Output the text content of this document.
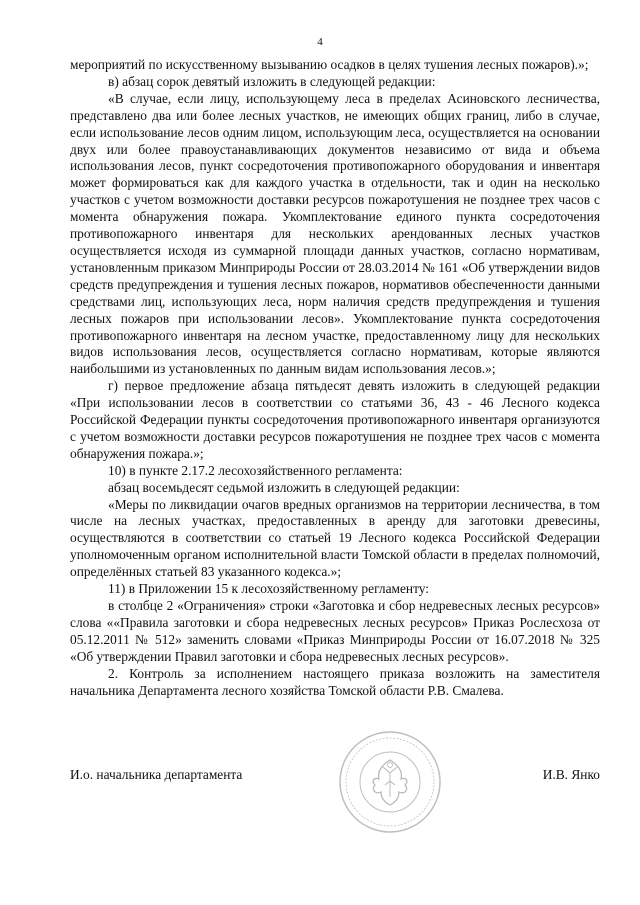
4

мероприятий по искусственному вызыванию осадков в целях тушения лесных пожаров).»;

в) абзац сорок девятый изложить в следующей редакции:

«В случае, если лицу, использующему леса в пределах Асиновского лесничества, представлено два или более лесных участков, не имеющих общих границ, либо в случае, если использование лесов одним лицом, использующим леса, осуществляется на основании двух или более правоустанавливающих документов независимо от вида и объема использования лесов, пункт сосредоточения противопожарного оборудования и инвентаря может формироваться как для каждого участка в отдельности, так и один на несколько участков с учетом возможности доставки ресурсов пожаротушения не позднее трех часов с момента обнаружения пожара. Укомплектование единого пункта сосредоточения противопожарного инвентаря для нескольких арендованных лесных участков осуществляется исходя из суммарной площади данных участков, согласно нормативам, установленным приказом Минприроды России от 28.03.2014 № 161 «Об утверждении видов средств предупреждения и тушения лесных пожаров, нормативов обеспеченности данными средствами лиц, использующих леса, норм наличия средств предупреждения и тушения лесных пожаров при использовании лесов». Укомплектование пункта сосредоточения противопожарного инвентаря на лесном участке, предоставленному лицу для нескольких видов использования лесов, осуществляется согласно нормативам, которые являются наибольшими из установленных по данным видам использования лесов.»;

г) первое предложение абзаца пятьдесят девять изложить в следующей редакции «При использовании лесов в соответствии со статьями 36, 43 - 46 Лесного кодекса Российской Федерации пункты сосредоточения противопожарного инвентаря организуются с учетом возможности доставки ресурсов пожаротушения не позднее трех часов с момента обнаружения пожара.»;

10) в пункте 2.17.2 лесохозяйственного регламента:

абзац восемьдесят седьмой изложить в следующей редакции:

«Меры по ликвидации очагов вредных организмов на территории лесничества, в том числе на лесных участках, предоставленных в аренду для заготовки древесины, осуществляются в соответствии со статьей 19 Лесного кодекса Российской Федерации уполномоченным органом исполнительной власти Томской области в пределах полномочий, определённых статьей 83 указанного кодекса.»;

11) в Приложении 15 к лесохозяйственному регламенту:

в столбце 2 «Ограничения» строки «Заготовка и сбор недревесных лесных ресурсов» слова ««Правила заготовки и сбора недревесных лесных ресурсов» Приказ Рослесхоза от 05.12.2011 № 512» заменить словами «Приказ Минприроды России от 16.07.2018 № 325 «Об утверждении Правил заготовки и сбора недревесных лесных ресурсов».

2. Контроль за исполнением настоящего приказа возложить на заместителя начальника Департамента лесного хозяйства Томской области Р.В. Смалева.

И.о. начальника департамента	И.В. Янко
